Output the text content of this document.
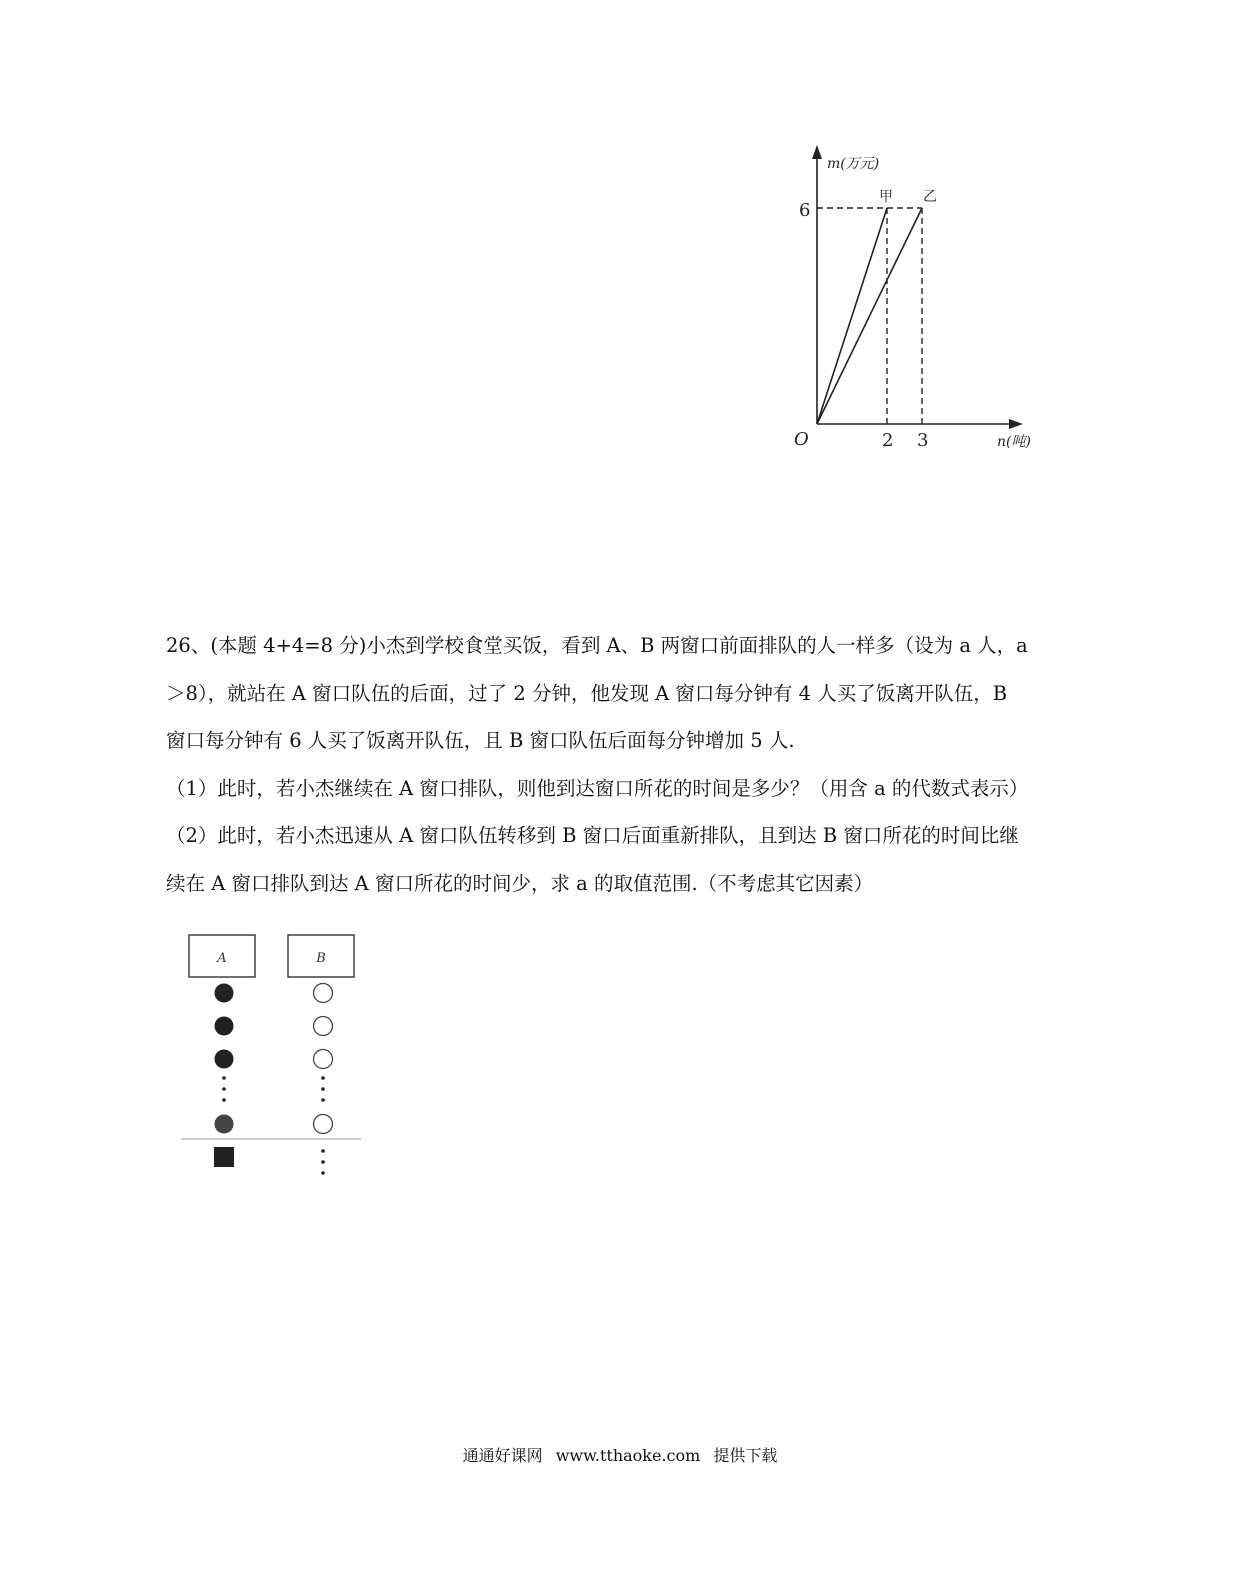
m(万元)
O
6
2 3
甲 乙
n(吨)

26、(本题 4+4=8 分)小杰到学校食堂买饭，看到 A、B 两窗口前面排队的人一样多（设为 a 人，a

＞8），就站在 A 窗口队伍的后面，过了 2 分钟，他发现 A 窗口每分钟有 4 人买了饭离开队伍，B

窗口每分钟有 6 人买了饭离开队伍，且 B 窗口队伍后面每分钟增加 5 人.

（1）此时，若小杰继续在 A 窗口排队，则他到达窗口所花的时间是多少？（用含 a 的代数式表示）

（2）此时，若小杰迅速从 A 窗口队伍转移到 B 窗口后面重新排队，且到达 B 窗口所花的时间比继

续在 A 窗口排队到达 A 窗口所花的时间少，求 a 的取值范围.（不考虑其它因素）

A	B
通通好课网 www.tthaoke.com 提供下载
